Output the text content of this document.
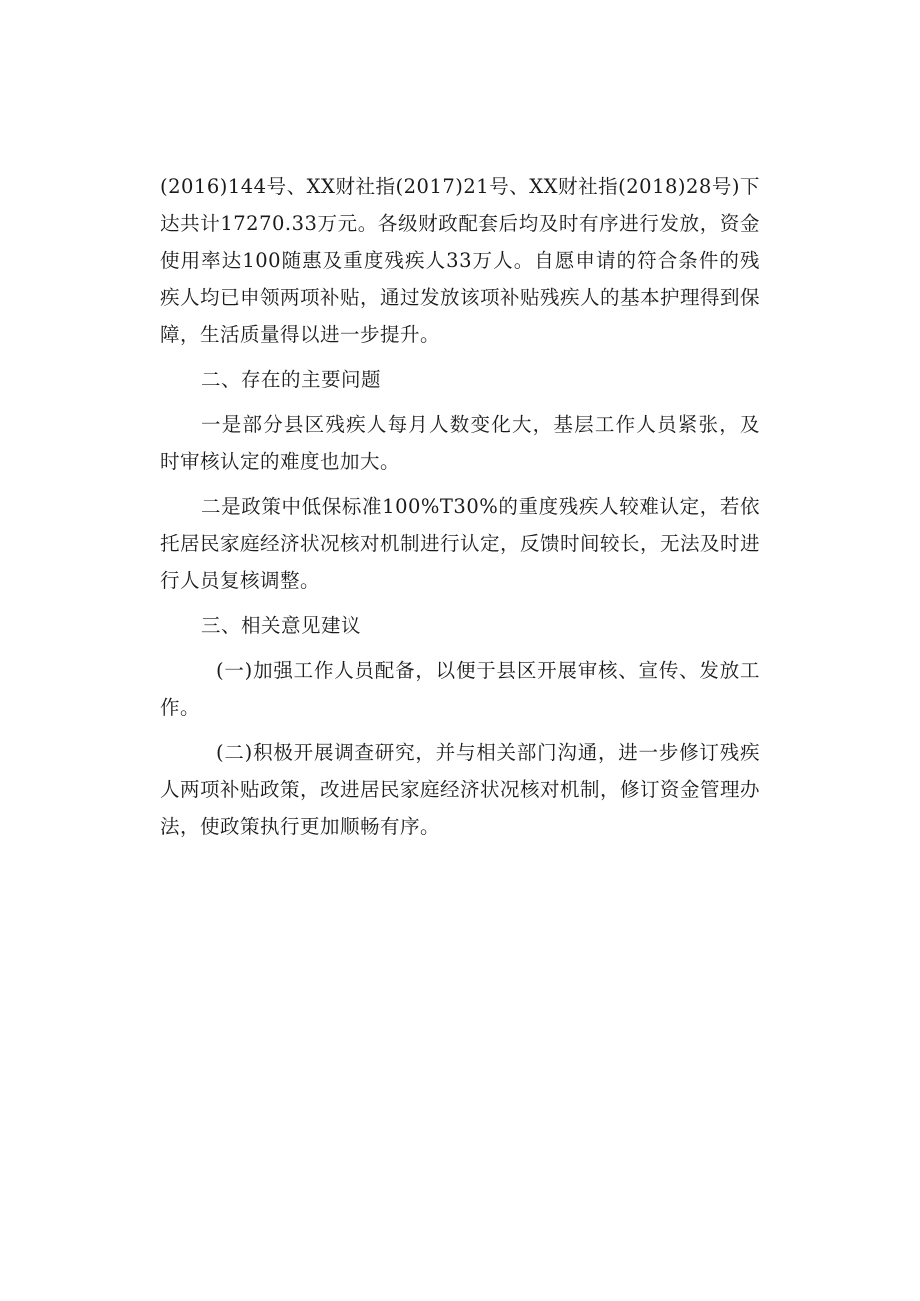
(2016)144号、XX财社指(2017)21号、XX财社指(2018)28号)下达共计17270.33万元。各级财政配套后均及时有序进行发放，资金使用率达100随惠及重度残疾人33万人。自愿申请的符合条件的残疾人均已申领两项补贴，通过发放该项补贴残疾人的基本护理得到保障，生活质量得以进一步提升。

二、存在的主要问题

一是部分县区残疾人每月人数变化大，基层工作人员紧张，及时审核认定的难度也加大。

二是政策中低保标准100%T30%的重度残疾人较难认定，若依托居民家庭经济状况核对机制进行认定，反馈时间较长，无法及时进行人员复核调整。

三、相关意见建议

(一)加强工作人员配备，以便于县区开展审核、宣传、发放工作。

(二)积极开展调查研究，并与相关部门沟通，进一步修订残疾人两项补贴政策，改进居民家庭经济状况核对机制，修订资金管理办法，使政策执行更加顺畅有序。
